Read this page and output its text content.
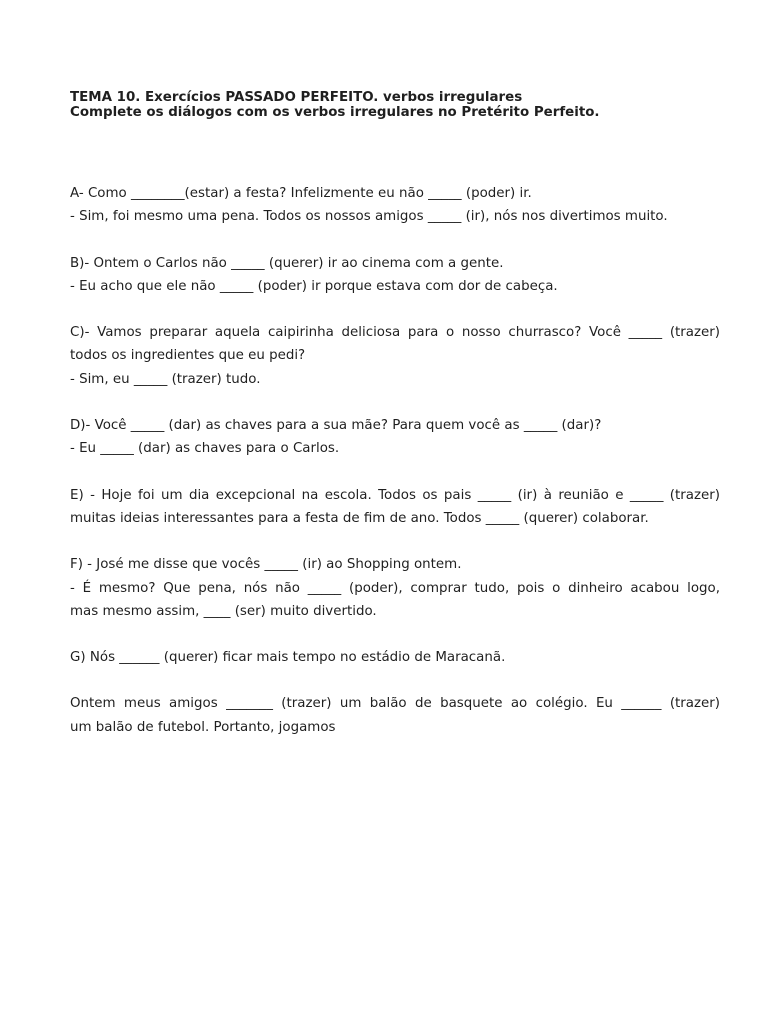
TEMA 10. Exercícios PASSADO PERFEITO. verbos irregulares
Complete os diálogos com os verbos irregulares no Pretérito Perfeito.
A- Como ________(estar) a festa? Infelizmente eu não _____ (poder) ir.
- Sim, foi mesmo uma pena. Todos os nossos amigos _____ (ir), nós nos divertimos muito.
B)- Ontem o Carlos não _____ (querer) ir ao cinema com a gente.
- Eu acho que ele não _____ (poder) ir porque estava com dor de cabeça.
C)- Vamos preparar aquela caipirinha deliciosa para o nosso churrasco? Você _____ (trazer)
todos os ingredientes que eu pedi?
- Sim, eu _____ (trazer) tudo.
D)- Você _____ (dar) as chaves para a sua mãe? Para quem você as _____ (dar)?
- Eu _____ (dar) as chaves para o Carlos.
E) - Hoje foi um dia excepcional na escola. Todos os pais _____ (ir) à reunião e _____ (trazer)
muitas ideias interessantes para a festa de fim de ano. Todos _____ (querer) colaborar.
F) - José me disse que vocês _____ (ir) ao Shopping ontem.
- É mesmo? Que pena, nós não _____ (poder), comprar tudo, pois o dinheiro acabou logo,
mas mesmo assim, ____ (ser) muito divertido.
G) Nós ______ (querer) ficar mais tempo no estádio de Maracanã.
Ontem meus amigos _______ (trazer) um balão de basquete ao colégio. Eu ______ (trazer)
um balão de futebol. Portanto, jogamos
